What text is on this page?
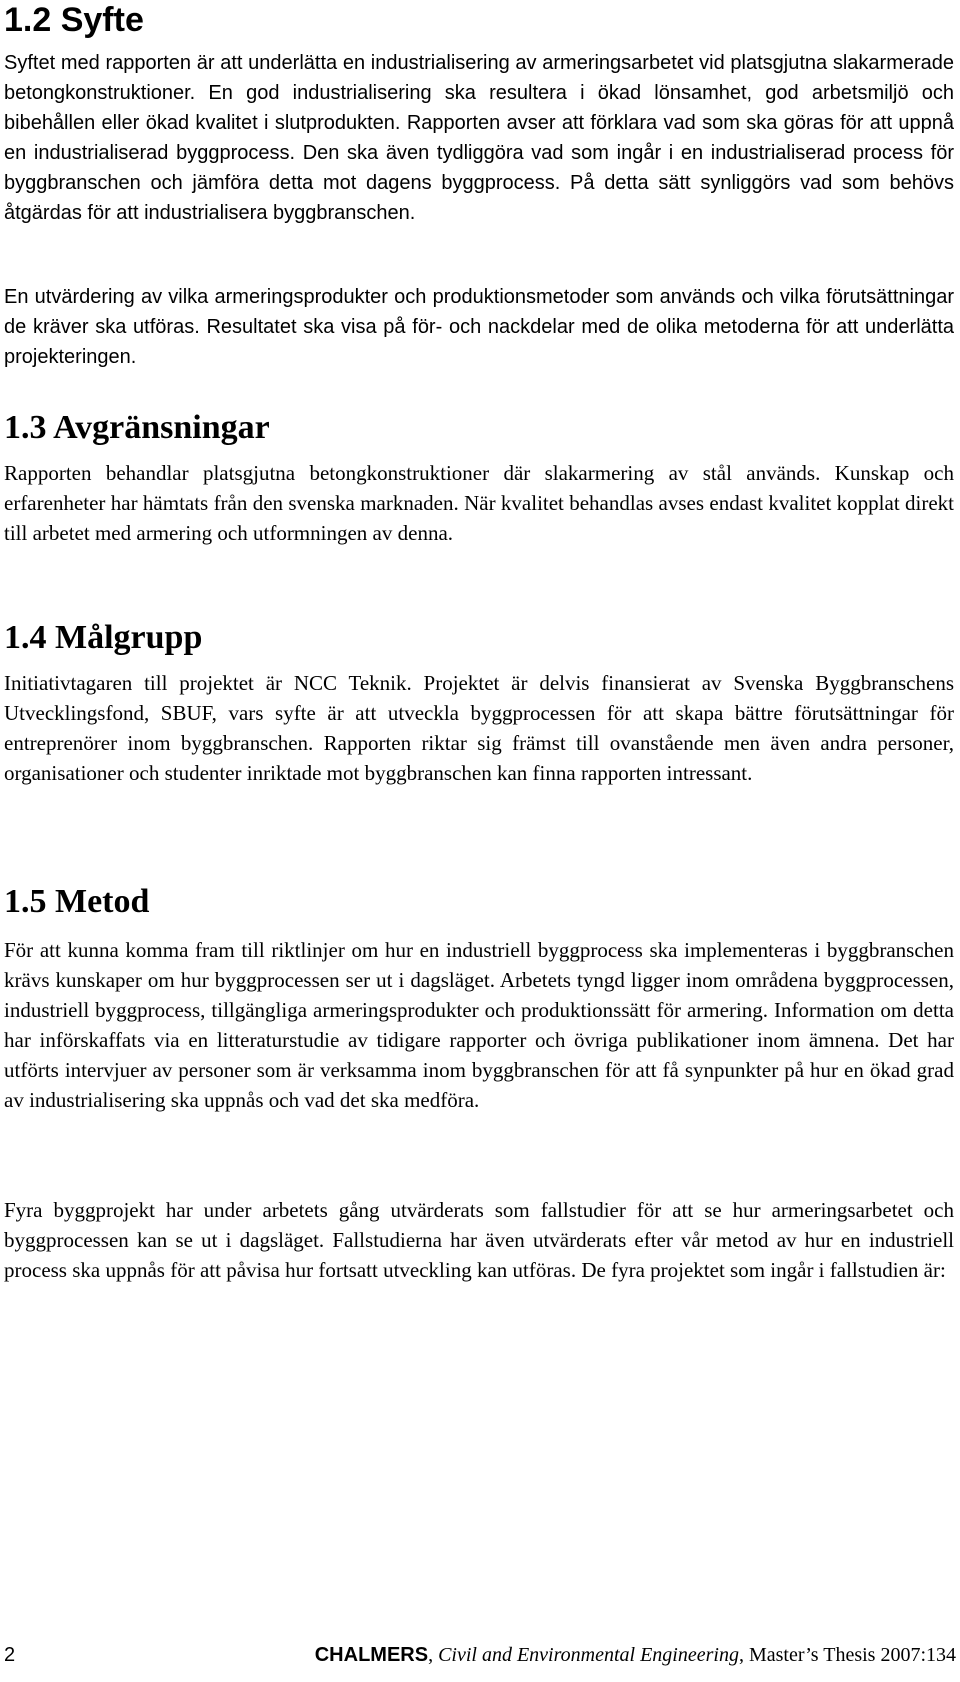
1.2 Syfte

Syftet med rapporten är att underlätta en industrialisering av armeringsarbetet vid platsgjutna slakarmerade betongkonstruktioner. En god industrialisering ska resultera i ökad lönsamhet, god arbetsmiljö och bibehållen eller ökad kvalitet i slutprodukten. Rapporten avser att förklara vad som ska göras för att uppnå en industrialiserad byggprocess. Den ska även tydliggöra vad som ingår i en industrialiserad process för byggbranschen och jämföra detta mot dagens byggprocess. På detta sätt synliggörs vad som behövs åtgärdas för att industrialisera byggbranschen.

En utvärdering av vilka armeringsprodukter och produktionsmetoder som används och vilka förutsättningar de kräver ska utföras. Resultatet ska visa på för- och nackdelar med de olika metoderna för att underlätta projekteringen.

1.3 Avgränsningar

Rapporten behandlar platsgjutna betongkonstruktioner där slakarmering av stål används. Kunskap och erfarenheter har hämtats från den svenska marknaden. När kvalitet behandlas avses endast kvalitet kopplat direkt till arbetet med armering och utformningen av denna.

1.4 Målgrupp

Initiativtagaren till projektet är NCC Teknik. Projektet är delvis finansierat av Svenska Byggbranschens Utvecklingsfond, SBUF, vars syfte är att utveckla byggprocessen för att skapa bättre förutsättningar för entreprenörer inom byggbranschen. Rapporten riktar sig främst till ovanstående men även andra personer, organisationer och studenter inriktade mot byggbranschen kan finna rapporten intressant.

1.5 Metod

För att kunna komma fram till riktlinjer om hur en industriell byggprocess ska implementeras i byggbranschen krävs kunskaper om hur byggprocessen ser ut i dagsläget. Arbetets tyngd ligger inom områdena byggprocessen, industriell byggprocess, tillgängliga armeringsprodukter och produktionssätt för armering. Information om detta har införskaffats via en litteraturstudie av tidigare rapporter och övriga publikationer inom ämnena. Det har utförts intervjuer av personer som är verksamma inom byggbranschen för att få synpunkter på hur en ökad grad av industrialisering ska uppnås och vad det ska medföra.

Fyra byggprojekt har under arbetets gång utvärderats som fallstudier för att se hur armeringsarbetet och byggprocessen kan se ut i dagsläget. Fallstudierna har även utvärderats efter vår metod av hur en industriell process ska uppnås för att påvisa hur fortsatt utveckling kan utföras. De fyra projektet som ingår i fallstudien är:

2	CHALMERS, Civil and Environmental Engineering, Master’s Thesis 2007:134
